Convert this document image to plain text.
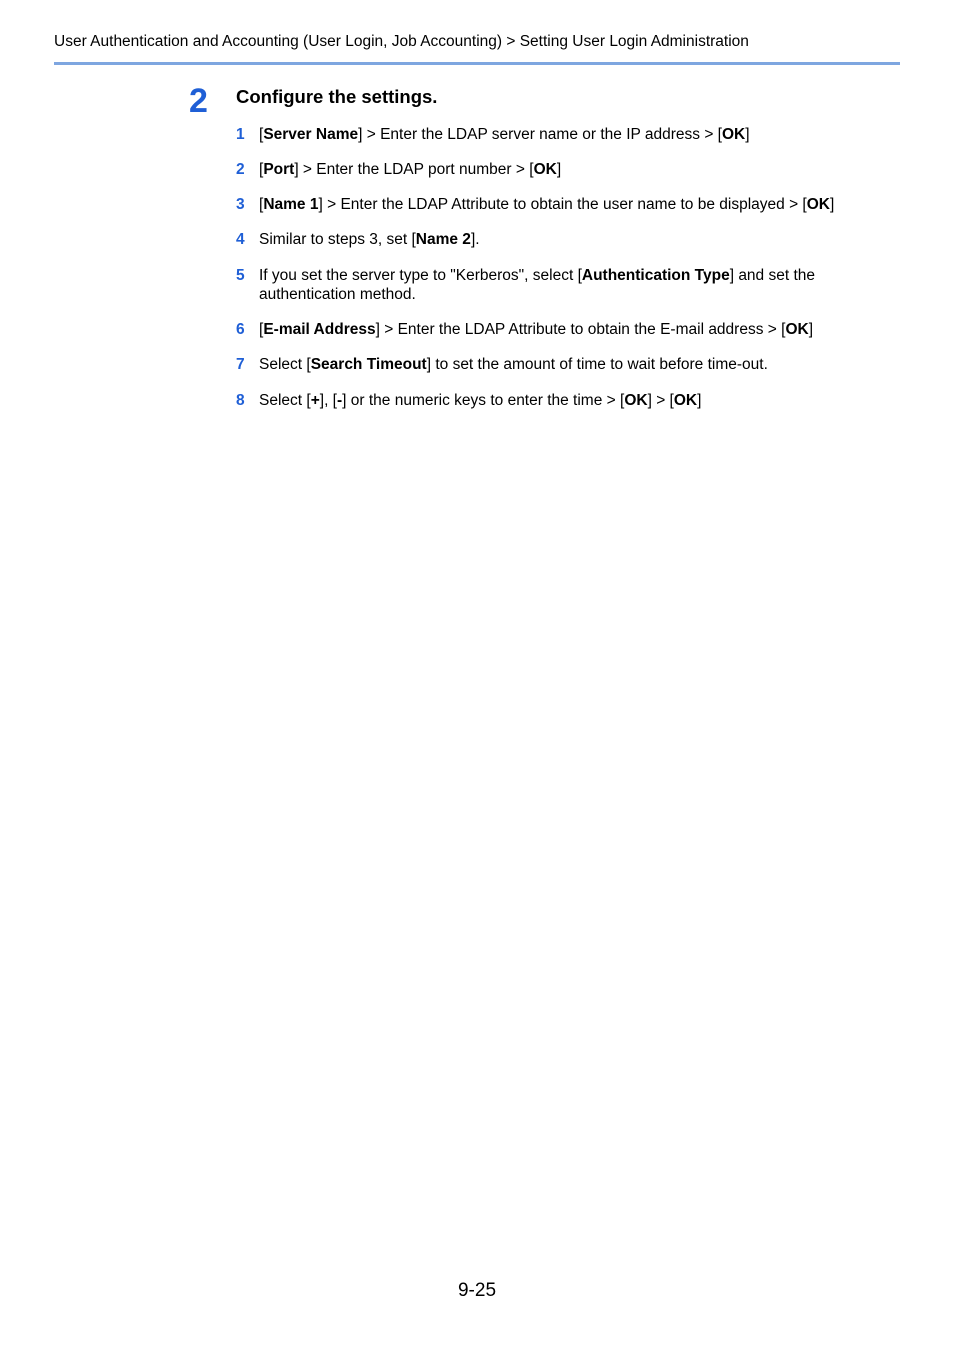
User Authentication and Accounting (User Login, Job Accounting) > Setting User Login Administration
2 Configure the settings.
1 [Server Name] > Enter the LDAP server name or the IP address > [OK]
2 [Port] > Enter the LDAP port number > [OK]
3 [Name 1] > Enter the LDAP Attribute to obtain the user name to be displayed > [OK]
4 Similar to steps 3, set [Name 2].
5 If you set the server type to "Kerberos", select [Authentication Type] and set the authentication method.
6 [E-mail Address] > Enter the LDAP Attribute to obtain the E-mail address > [OK]
7 Select [Search Timeout] to set the amount of time to wait before time-out.
8 Select [+], [-] or the numeric keys to enter the time > [OK] > [OK]
9-25
